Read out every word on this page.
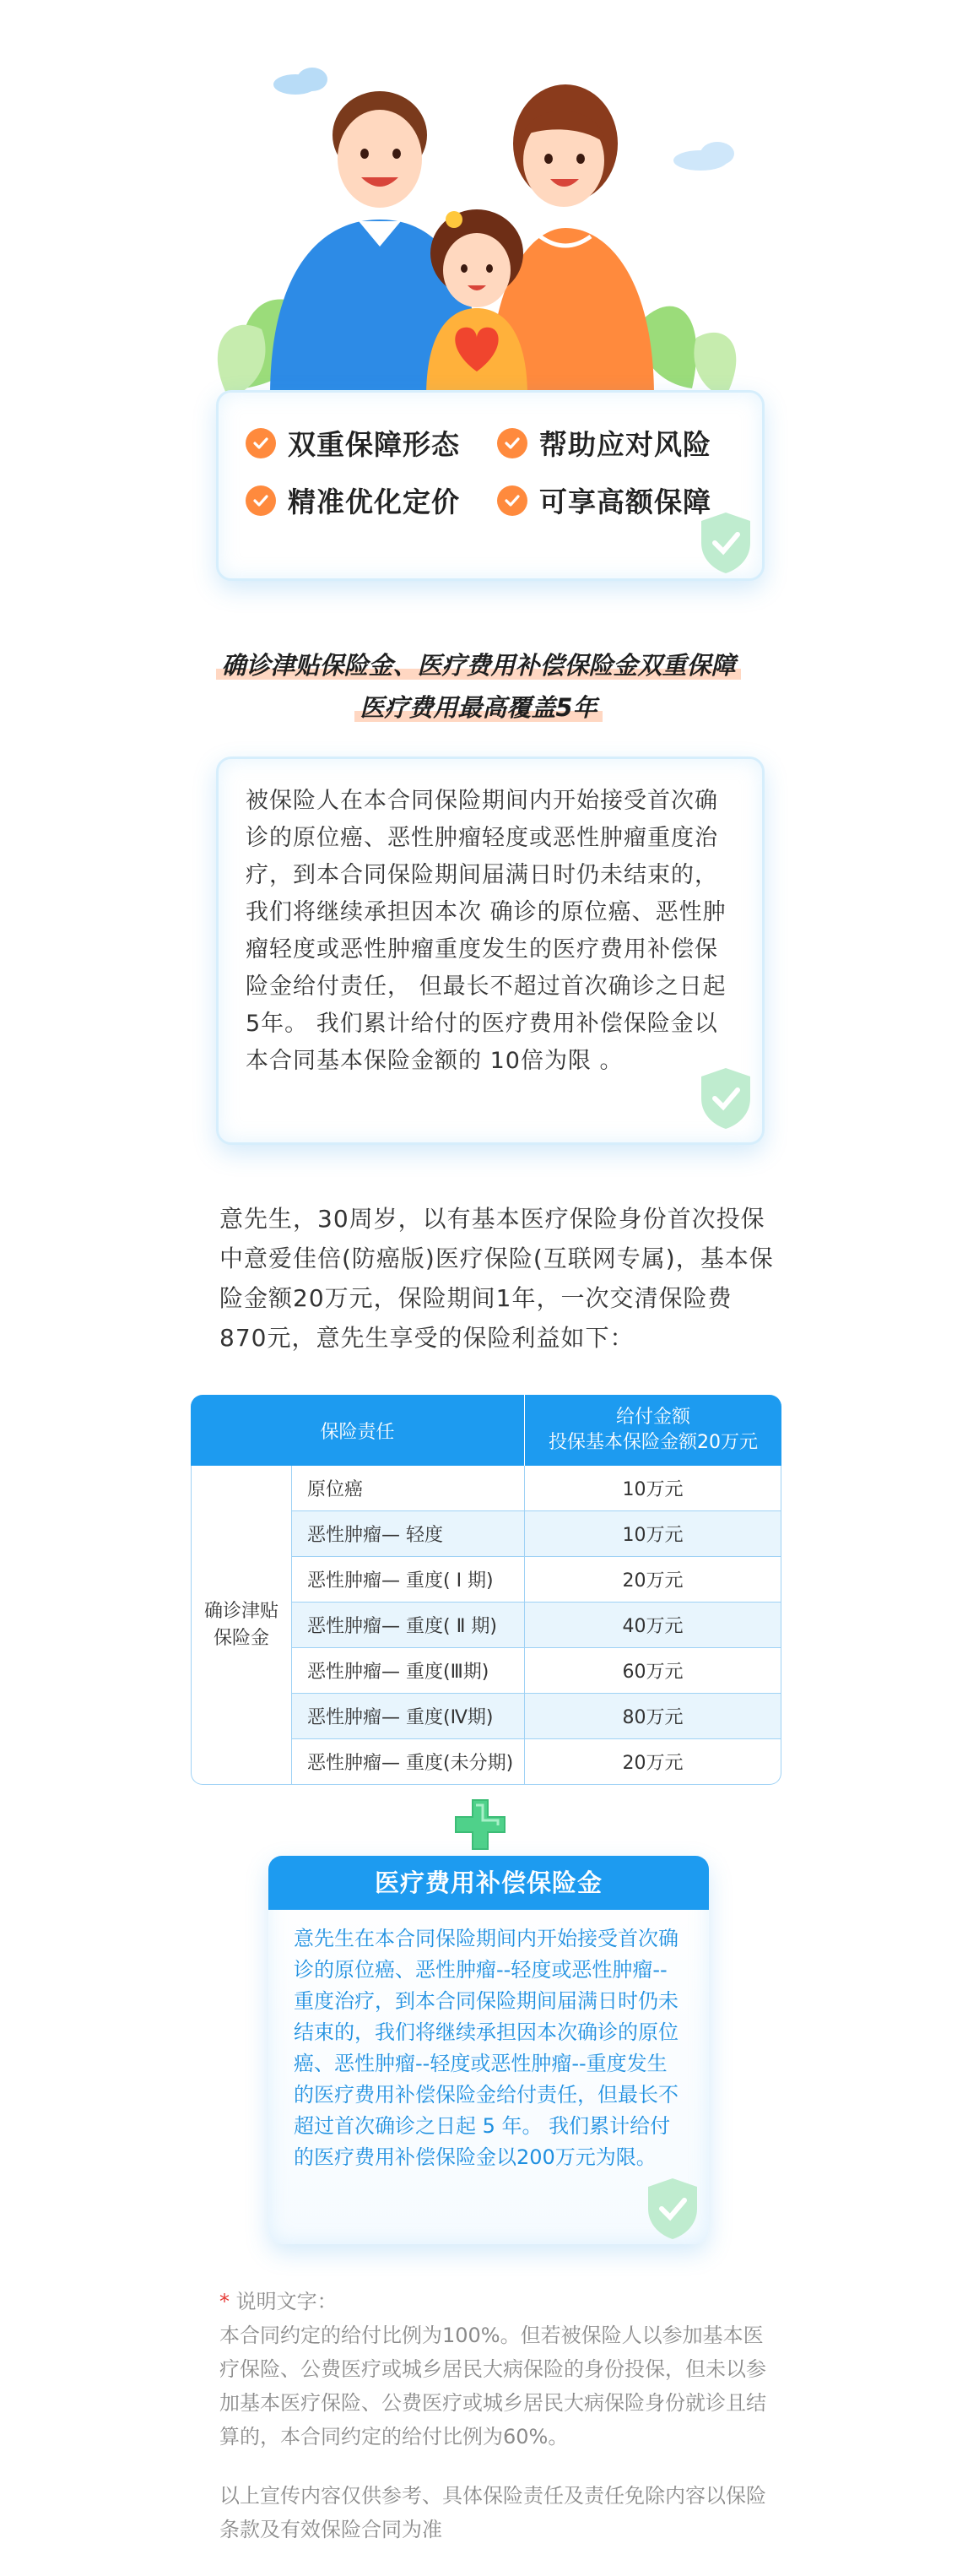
双重保障形态	帮助应对风险
精准优化定价	可享高额保障
确诊津贴保险金、医疗费用补偿保险金双重保障
医疗费用最高覆盖5年
被保险人在本合同保险期间内开始接受首次确诊的原位癌、恶性肿瘤轻度或恶性肿瘤重度治疗，到本合同保险期间届满日时仍未结束的，我们将继续承担因本次 确诊的原位癌、恶性肿瘤轻度或恶性肿瘤重度发生的医疗费用补偿保险金给付责任， 但最长不超过首次确诊之日起 5年。 我们累计给付的医疗费用补偿保险金以本合同基本保险金额的 10倍为限 。
意先生，30周岁，以有基本医疗保险身份首次投保中意爱佳倍(防癌版)医疗保险(互联网专属)，基本保险金额20万元，保险期间1年，一次交清保险费870元，意先生享受的保险利益如下：
保险责任		给付金额
投保基本保险金额20万元

确诊津贴保险金	原位癌	10万元
	恶性肿瘤— 轻度	10万元
	恶性肿瘤— 重度( Ⅰ 期)	20万元
	恶性肿瘤— 重度( Ⅱ 期)	40万元
	恶性肿瘤— 重度(Ⅲ期)	60万元
	恶性肿瘤— 重度(Ⅳ期)	80万元
	恶性肿瘤— 重度(未分期)	20万元
医疗费用补偿保险金
意先生在本合同保险期间内开始接受首次确诊的原位癌、恶性肿瘤--轻度或恶性肿瘤--重度治疗，到本合同保险期间届满日时仍未结束的，我们将继续承担因本次确诊的原位癌、恶性肿瘤--轻度或恶性肿瘤--重度发生的医疗费用补偿保险金给付责任，但最长不超过首次确诊之日起 5 年。 我们累计给付的医疗费用补偿保险金以200万元为限。
* 说明文字：
本合同约定的给付比例为100%。但若被保险人以参加基本医疗保险、公费医疗或城乡居民大病保险的身份投保，但未以参加基本医疗保险、公费医疗或城乡居民大病保险身份就诊且结算的，本合同约定的给付比例为60%。
以上宣传内容仅供参考、具体保险责任及责任免除内容以保险条款及有效保险合同为准
